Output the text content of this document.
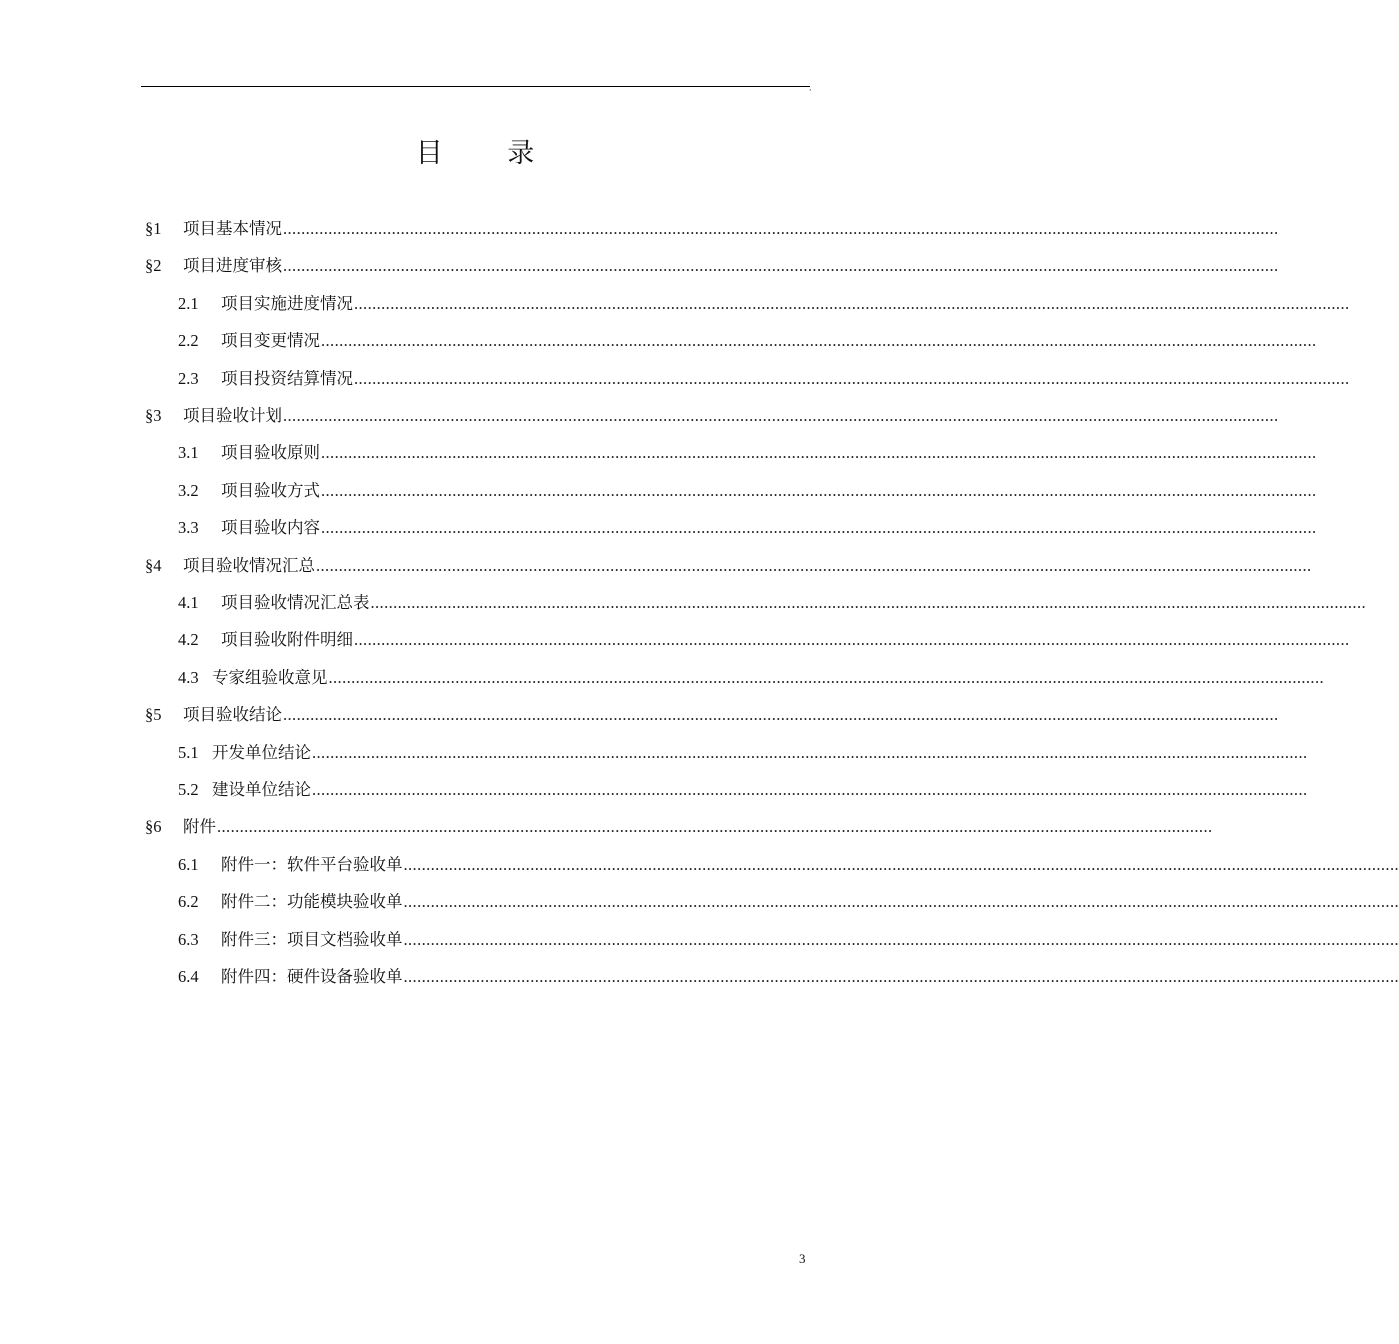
,
目 录
§1	项目基本情况 ............................................................................................................................................................................................................................
§2	项目进度审核 ............................................................................................................................................................................................................................
2.1	项目实施进度情况 ............................................................................................................................................................................................................................
2.2	项目变更情况 ............................................................................................................................................................................................................................
2.3	项目投资结算情况 ............................................................................................................................................................................................................................
§3	项目验收计划 ............................................................................................................................................................................................................................
3.1	项目验收原则 ............................................................................................................................................................................................................................
3.2	项目验收方式 ............................................................................................................................................................................................................................
3.3	项目验收内容 ............................................................................................................................................................................................................................
§4	项目验收情况汇总 ............................................................................................................................................................................................................................
4.1	项目验收情况汇总表 ............................................................................................................................................................................................................................
4.2	项目验收附件明细 ............................................................................................................................................................................................................................
4.3 专家组验收意见 ............................................................................................................................................................................................................................
§5	项目验收结论 ............................................................................................................................................................................................................................
5.1 开发单位结论 ............................................................................................................................................................................................................................
5.2 建设单位结论 ............................................................................................................................................................................................................................
§6	附件 ............................................................................................................................................................................................................................
6.1	附件一：软件平台验收单 ............................................................................................................................................................................................................................
6.2	附件二：功能模块验收单 ............................................................................................................................................................................................................................
6.3	附件三：项目文档验收单 ............................................................................................................................................................................................................................
6.4	附件四：硬件设备验收单 ............................................................................................................................................................................................................................
3
